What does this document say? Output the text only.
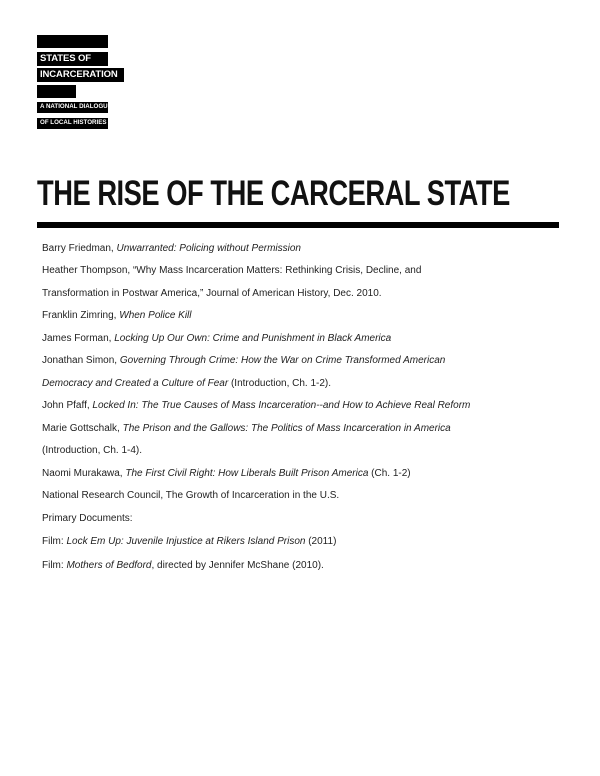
STATES OF
INCARCERATION
A NATIONAL DIALOGUE
OF LOCAL HISTORIES
THE RISE OF THE CARCERAL STATE
Barry Friedman, Unwarranted: Policing without Permission
Heather Thompson, “Why Mass Incarceration Matters: Rethinking Crisis, Decline, and
Transformation in Postwar America,” Journal of American History, Dec. 2010.
Franklin Zimring, When Police Kill
James Forman, Locking Up Our Own: Crime and Punishment in Black America
Jonathan Simon, Governing Through Crime: How the War on Crime Transformed American
Democracy and Created a Culture of Fear (Introduction, Ch. 1-2).
John Pfaff, Locked In: The True Causes of Mass Incarceration--and How to Achieve Real Reform
Marie Gottschalk, The Prison and the Gallows: The Politics of Mass Incarceration in America
(Introduction, Ch. 1-4).
Naomi Murakawa, The First Civil Right: How Liberals Built Prison America (Ch. 1-2)
National Research Council, The Growth of Incarceration in the U.S.
Primary Documents:
Film: Lock Em Up: Juvenile Injustice at Rikers Island Prison (2011)
Film: Mothers of Bedford, directed by Jennifer McShane (2010).
